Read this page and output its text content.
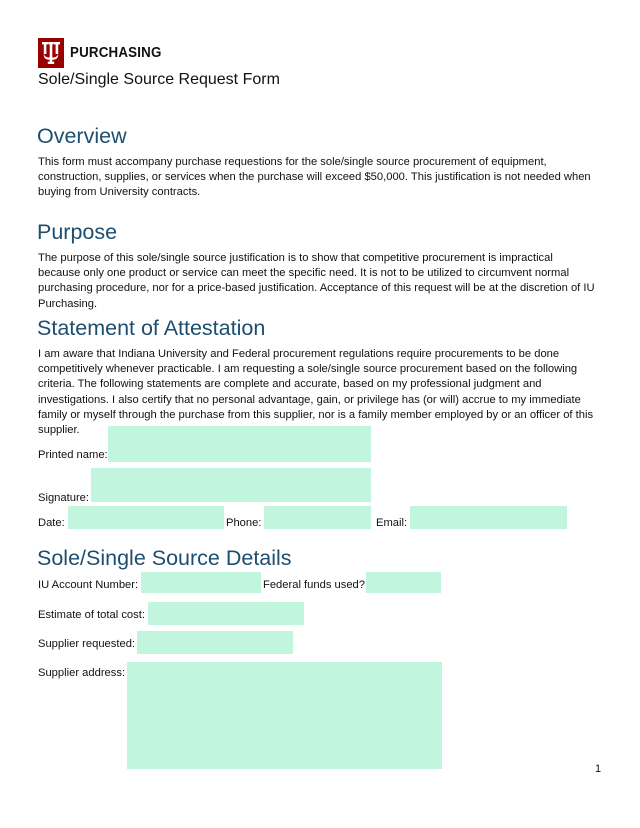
PURCHASING
Sole/Single Source Request Form
Overview

This form must accompany purchase requestions for the sole/single source procurement of equipment, construction, supplies, or services when the purchase will exceed $50,000. This justification is not needed when buying from University contracts.

Purpose

The purpose of this sole/single source justification is to show that competitive procurement is impractical because only one product or service can meet the specific need. It is not to be utilized to circumvent normal purchasing procedure, nor for a price-based justification. Acceptance of this request will be at the discretion of IU Purchasing.

Statement of Attestation

I am aware that Indiana University and Federal procurement regulations require procurements to be done competitively whenever practicable. I am requesting a sole/single source procurement based on the following criteria. The following statements are complete and accurate, based on my professional judgment and investigations. I also certify that no personal advantage, gain, or privilege has (or will) accrue to my immediate family or myself through the purchase from this supplier, nor is a family member employed by or an officer of this supplier.

Printed name:
Signature:
Date:	Phone:	Email:
Sole/Single Source Details
IU Account Number:	Federal funds used?
Estimate of total cost:
Supplier requested:
Supplier address:
1
